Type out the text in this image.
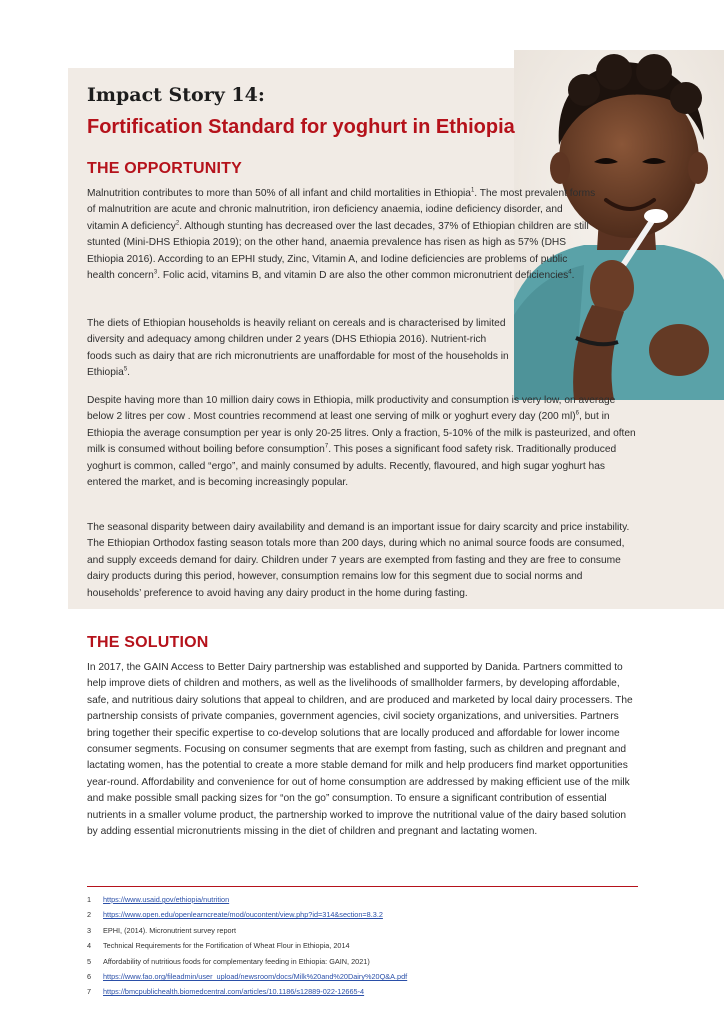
Impact Story 14:
Fortification Standard for yoghurt in Ethiopia
THE OPPORTUNITY

Malnutrition contributes to more than 50% of all infant and child mortalities in Ethiopia$^1$. The most prevalent forms of malnutrition are acute and chronic malnutrition, iron deficiency anaemia, iodine deficiency disorder, and vitamin A deficiency$^2$. Although stunting has decreased over the last decades, 37% of Ethiopian children are still stunted (Mini-DHS Ethiopia 2019); on the other hand, anaemia prevalence has risen as high as 57% (DHS Ethiopia 2016). According to an EPHI study, Zinc, Vitamin A, and Iodine deficiencies are problems of public health concern$^3$. Folic acid, vitamins B, and vitamin D are also the other common micronutrient deficiencies$^4$.

The diets of Ethiopian households is heavily reliant on cereals and is characterised by limited diversity and adequacy among children under 2 years (DHS Ethiopia 2016). Nutrient-rich foods such as dairy that are rich micronutrients are unaffordable for most of the households in Ethiopia$^5$.

Despite having more than 10 million dairy cows in Ethiopia, milk productivity and consumption is very low, on average below 2 litres per cow . Most countries recommend at least one serving of milk or yoghurt every day (200 ml)$^6$, but in Ethiopia the average consumption per year is only 20-25 litres. Only a fraction, 5-10% of the milk is pasteurized, and often milk is consumed without boiling before consumption$^7$. This poses a significant food safety risk. Traditionally produced yoghurt is common, called “ergo”, and mainly consumed by adults. Recently, flavoured, and high sugar yoghurt has entered the market, and is becoming increasingly popular.

The seasonal disparity between dairy availability and demand is an important issue for dairy scarcity and price instability. The Ethiopian Orthodox fasting season totals more than 200 days, during which no animal source foods are consumed, and supply exceeds demand for dairy. Children under 7 years are exempted from fasting and they are free to consume dairy products during this period, however, consumption remains low for this segment due to social norms and households’ preference to avoid having any dairy product in the home during fasting.

THE SOLUTION

In 2017, the GAIN Access to Better Dairy partnership was established and supported by Danida. Partners committed to help improve diets of children and mothers, as well as the livelihoods of smallholder farmers, by developing affordable, safe, and nutritious dairy solutions that appeal to children, and are produced and marketed by local dairy processers. The partnership consists of private companies, government agencies, civil society organizations, and universities. Partners bring together their specific expertise to co-develop solutions that are locally produced and affordable for lower income consumer segments. Focusing on consumer segments that are exempt from fasting, such as children and pregnant and lactating women, has the potential to create a more stable demand for milk and help producers find market opportunities year-round. Affordability and convenience for out of home consumption are addressed by making efficient use of the milk and make possible small packing sizes for “on the go” consumption. To ensure a significant contribution of essential nutrients in a smaller volume product, the partnership worked to improve the nutritional value of the dairy based solution by adding essential micronutrients missing in the diet of children and pregnant and lactating women.

1	https://www.usaid.gov/ethiopia/nutrition
2	https://www.open.edu/openlearncreate/mod/oucontent/view.php?id=314&section=8.3.2
3	EPHI, (2014). Micronutrient survey report
4	Technical Requirements for the Fortification of Wheat Flour in Ethiopia, 2014
5	Affordability of nutritious foods for complementary feeding in Ethiopia: GAIN, 2021)
6	https://www.fao.org/fileadmin/user_upload/newsroom/docs/Milk%20and%20Dairy%20Q&A.pdf
7	https://bmcpublichealth.biomedcentral.com/articles/10.1186/s12889-022-12665-4
